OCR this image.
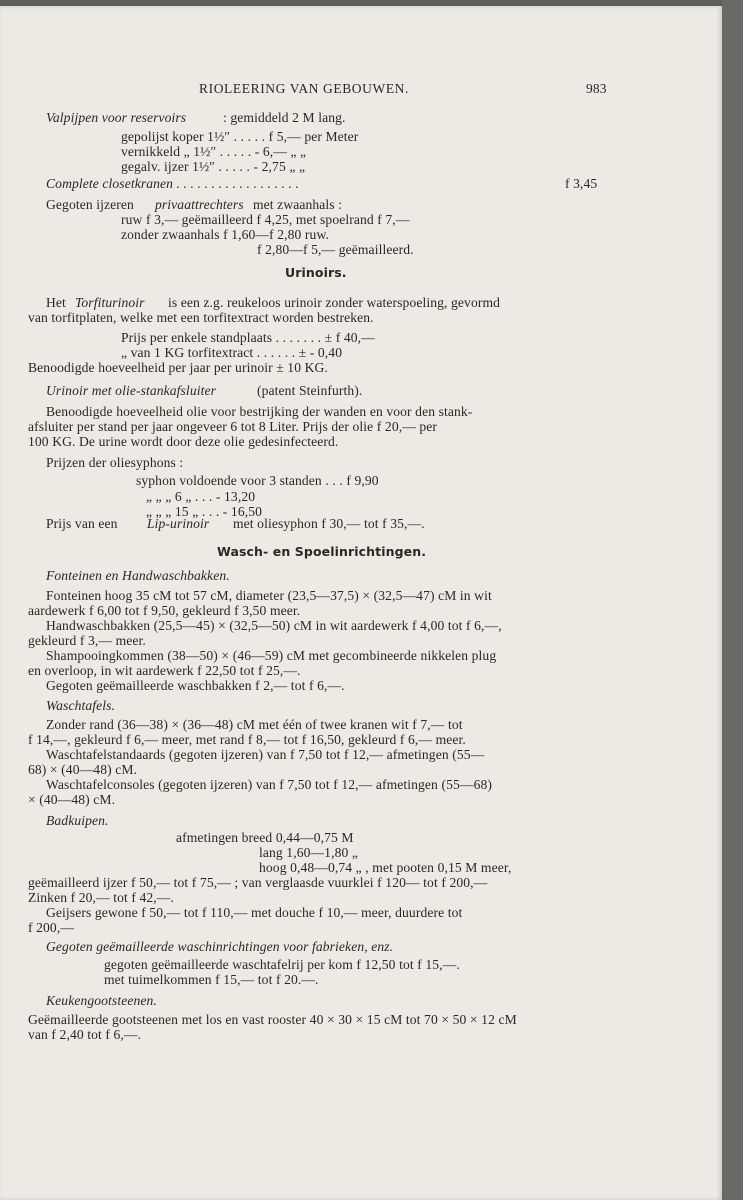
RIOLEERING VAN GEBOUWEN.	983
Valpijpen voor reservoirs	: gemiddeld 2 M lang.
gepolijst koper 1½″ . . . . . f 5,— per Meter
vernikkeld „ 1½″ . . . . . - 6,— „ „
gegalv. ijzer 1½″ . . . . . - 2,75 „ „
Complete closetkranen . . . . . . . . . . . . . . . . . .	f 3,45
Gegoten ijzeren privaattrechters met zwaanhals :
ruw f 3,— geëmailleerd f 4,25, met spoelrand f 7,—
zonder zwaanhals f 1,60—f 2,80 ruw.
f 2,80—f 5,— geëmailleerd.
Urinoirs.
Het Torfiturinoir is een z.g. reukeloos urinoir zonder waterspoeling, gevormd
van torfitplaten, welke met een torfitextract worden bestreken.
Prijs per enkele standplaats . . . . . . . ± f 40,—
„ van 1 KG torfitextract . . . . . . ± - 0,40
Benoodigde hoeveelheid per jaar per urinoir ± 10 KG.
Urinoir met olie-stankafsluiter	(patent Steinfurth).
Benoodigde hoeveelheid olie voor bestrijking der wanden en voor den stank-
afsluiter per stand per jaar ongeveer 6 tot 8 Liter. Prijs der olie f 20,— per
100 KG. De urine wordt door deze olie gedesinfecteerd.
Prijzen der oliesyphons :
syphon voldoende voor 3 standen . . . f 9,90
„ „ „ 6 „ . . . - 13,20
„ „ „ 15 „ . . . - 16,50
Prijs van een Lip-urinoir met oliesyphon f 30,— tot f 35,—.
Wasch- en Spoelinrichtingen.
Fonteinen en Handwaschbakken.
Fonteinen hoog 35 cM tot 57 cM, diameter (23,5—37,5) × (32,5—47) cM in wit
aardewerk f 6,00 tot f 9,50, gekleurd f 3,50 meer.
Handwaschbakken (25,5—45) × (32,5—50) cM in wit aardewerk f 4,00 tot f 6,—,
gekleurd f 3,— meer.
Shampooingkommen (38—50) × (46—59) cM met gecombineerde nikkelen plug
en overloop, in wit aardewerk f 22,50 tot f 25,—.
Gegoten geëmailleerde waschbakken f 2,— tot f 6,—.
Waschtafels.
Zonder rand (36—38) × (36—48) cM met één of twee kranen wit f 7,— tot
f 14,—, gekleurd f 6,— meer, met rand f 8,— tot f 16,50, gekleurd f 6,— meer.
Waschtafelstandaards (gegoten ijzeren) van f 7,50 tot f 12,— afmetingen (55—
68) × (40—48) cM.
Waschtafelconsoles (gegoten ijzeren) van f 7,50 tot f 12,— afmetingen (55—68)
× (40—48) cM.
Badkuipen.
afmetingen breed 0,44—0,75 M
lang 1,60—1,80 „
hoog 0,48—0,74 „ , met pooten 0,15 M meer,
geëmailleerd ijzer f 50,— tot f 75,— ; van verglaasde vuurklei f 120— tot f 200,—
Zinken f 20,— tot f 42,—.
Geijsers gewone f 50,— tot f 110,— met douche f 10,— meer, duurdere tot
f 200,—
Gegoten geëmailleerde waschinrichtingen voor fabrieken, enz.
gegoten geëmailleerde waschtafelrij per kom f 12,50 tot f 15,—.
met tuimelkommen f 15,— tot f 20.—.
Keukengootsteenen.
Geëmailleerde gootsteenen met los en vast rooster 40 × 30 × 15 cM tot 70 × 50 × 12 cM
van f 2,40 tot f 6,—.
